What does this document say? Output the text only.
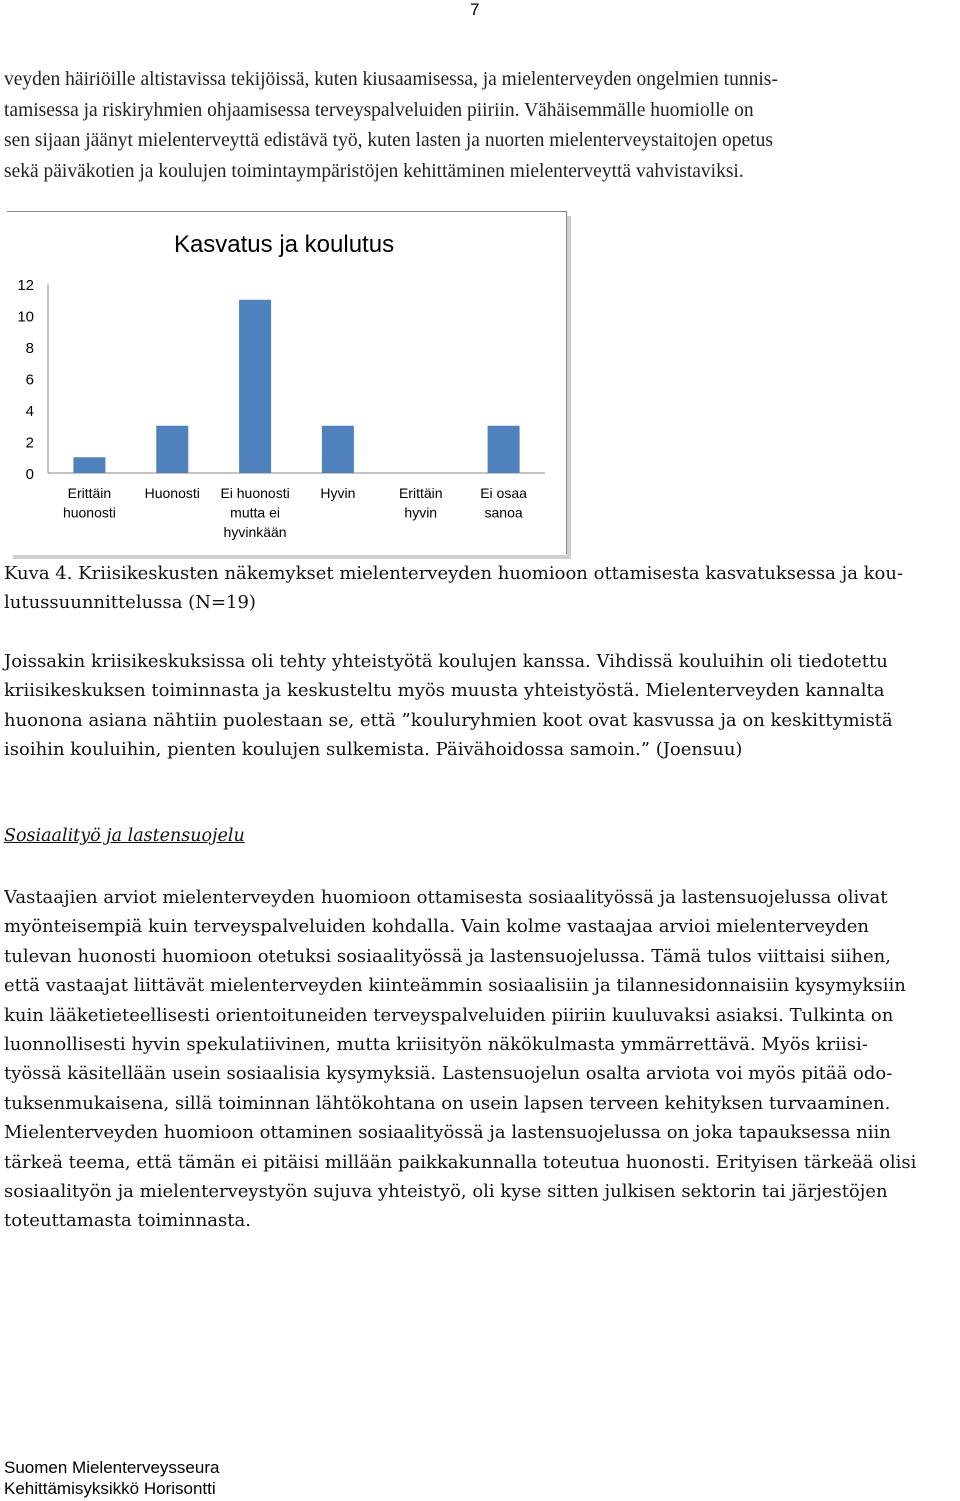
7
veyden häiriöille altistavissa tekijöissä, kuten kiusaamisessa, ja mielenterveyden ongelmien tunnis-
tamisessa ja riskiryhmien ohjaamisessa terveyspalveluiden piiriin. Vähäisemmälle huomiolle on
sen sijaan jäänyt mielenterveyttä edistävä työ, kuten lasten ja nuorten mielenterveystaitojen opetus
sekä päiväkotien ja koulujen toimintaympäristöjen kehittäminen mielenterveyttä vahvistaviksi.
Kasvatus ja koulutus
0
2
4
6
8
10
12
Erittäin huonosti
Huonosti Ei huonosti mutta ei hyvinkään
Hyvin	Erittäin hyvin
Ei osaa sanoa
Kuva 4. Kriisikeskusten näkemykset mielenterveyden huomioon ottamisesta kasvatuksessa ja kou-
lutussuunnittelussa (N=19)
Joissakin kriisikeskuksissa oli tehty yhteistyötä koulujen kanssa. Vihdissä kouluihin oli tiedotettu
kriisikeskuksen toiminnasta ja keskusteltu myös muusta yhteistyöstä. Mielenterveyden kannalta
huonona asiana nähtiin puolestaan se, että ”kouluryhmien koot ovat kasvussa ja on keskittymistä
isoihin kouluihin, pienten koulujen sulkemista. Päivähoidossa samoin.” (Joensuu)
Sosiaalityö ja lastensuojelu
Vastaajien arviot mielenterveyden huomioon ottamisesta sosiaalityössä ja lastensuojelussa olivat
myönteisempiä kuin terveyspalveluiden kohdalla. Vain kolme vastaajaa arvioi mielenterveyden
tulevan huonosti huomioon otetuksi sosiaalityössä ja lastensuojelussa. Tämä tulos viittaisi siihen,
että vastaajat liittävät mielenterveyden kiinteämmin sosiaalisiin ja tilannesidonnaisiin kysymyksiin
kuin lääketieteellisesti orientoituneiden terveyspalveluiden piiriin kuuluvaksi asiaksi. Tulkinta on
luonnollisesti hyvin spekulatiivinen, mutta kriisityön näkökulmasta ymmärrettävä. Myös kriisi-
työssä käsitellään usein sosiaalisia kysymyksiä. Lastensuojelun osalta arviota voi myös pitää odo-
tuksenmukaisena, sillä toiminnan lähtökohtana on usein lapsen terveen kehityksen turvaaminen.
Mielenterveyden huomioon ottaminen sosiaalityössä ja lastensuojelussa on joka tapauksessa niin
tärkeä teema, että tämän ei pitäisi millään paikkakunnalla toteutua huonosti. Erityisen tärkeää olisi
sosiaalityön ja mielenterveystyön sujuva yhteistyö, oli kyse sitten julkisen sektorin tai järjestöjen
toteuttamasta toiminnasta.
Suomen Mielenterveysseura
Kehittämisyksikkö Horisontti
